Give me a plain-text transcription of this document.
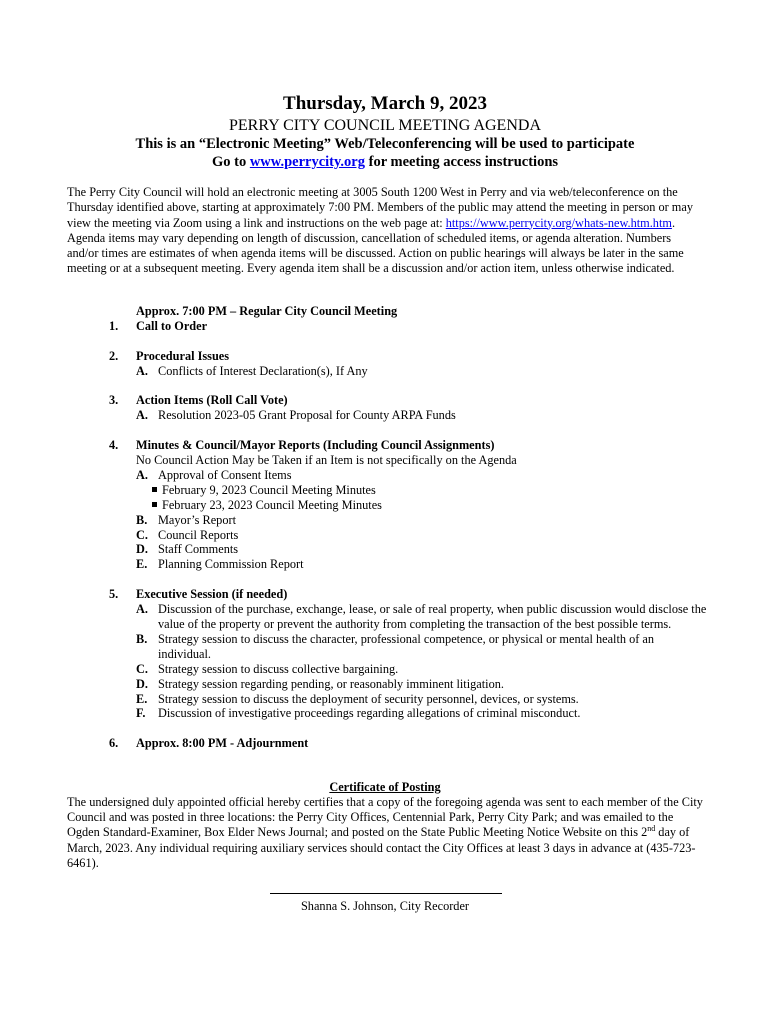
Thursday, March 9, 2023
PERRY CITY COUNCIL MEETING AGENDA
This is an “Electronic Meeting” Web/Teleconferencing will be used to participate
Go to www.perrycity.org for meeting access instructions
The Perry City Council will hold an electronic meeting at 3005 South 1200 West in Perry and via web/teleconference on the Thursday identified above, starting at approximately 7:00 PM. Members of the public may attend the meeting in person or may view the meeting via Zoom using a link and instructions on the web page at: https://www.perrycity.org/whats-new.htm.htm. Agenda items may vary depending on length of discussion, cancellation of scheduled items, or agenda alteration. Numbers and/or times are estimates of when agenda items will be discussed. Action on public hearings will always be later in the same meeting or at a subsequent meeting. Every agenda item shall be a discussion and/or action item, unless otherwise indicated.
Approx. 7:00 PM – Regular City Council Meeting
1.	Call to Order
2.	Procedural Issues
A. Conflicts of Interest Declaration(s), If Any
3.	Action Items (Roll Call Vote)
A. Resolution 2023-05 Grant Proposal for County ARPA Funds
4.	Minutes & Council/Mayor Reports (Including Council Assignments)
No Council Action May be Taken if an Item is not specifically on the Agenda
A. Approval of Consent Items
February 9, 2023 Council Meeting Minutes
February 23, 2023 Council Meeting Minutes
B. Mayor’s Report
C. Council Reports
D. Staff Comments
E. Planning Commission Report
5.	Executive Session (if needed)
A. Discussion of the purchase, exchange, lease, or sale of real property, when public discussion would disclose the value of the property or prevent the authority from completing the transaction of the best possible terms.
B. Strategy session to discuss the character, professional competence, or physical or mental health of an individual.
C. Strategy session to discuss collective bargaining.
D. Strategy session regarding pending, or reasonably imminent litigation.
E. Strategy session to discuss the deployment of security personnel, devices, or systems.
F. Discussion of investigative proceedings regarding allegations of criminal misconduct.
6.	Approx. 8:00 PM - Adjournment
Certificate of Posting
The undersigned duly appointed official hereby certifies that a copy of the foregoing agenda was sent to each member of the City Council and was posted in three locations: the Perry City Offices, Centennial Park, Perry City Park; and was emailed to the Ogden Standard-Examiner, Box Elder News Journal; and posted on the State Public Meeting Notice Website on this 2nd day of March, 2023. Any individual requiring auxiliary services should contact the City Offices at least 3 days in advance at (435-723-6461).
Shanna S. Johnson, City Recorder
